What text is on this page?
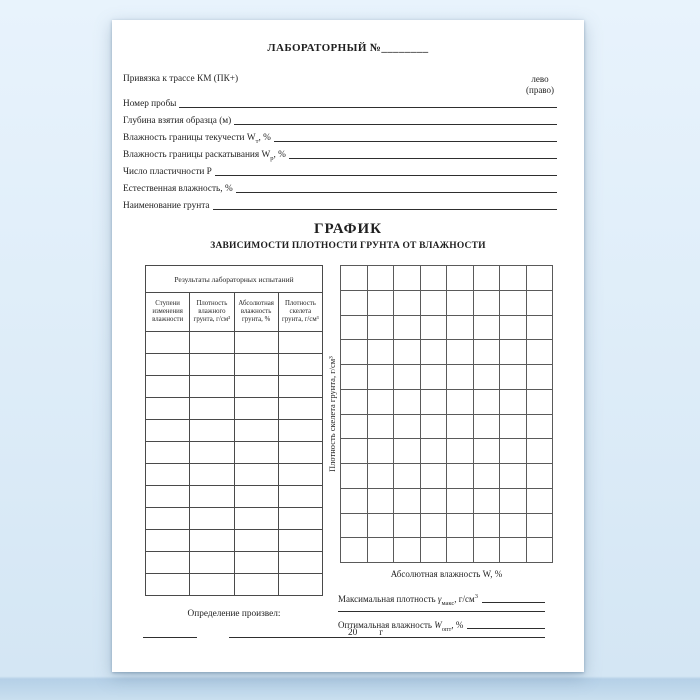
ЛАБОРАТОРНЫЙ №________
Привязка к трассе КМ (ПК+)	лево
(право)
Номер пробы
Глубина взятия образца (м)
Влажность границы текучести $W_т$, %
Влажность границы раскатывания $W_р$, %
Число пластичности Р
Естественная влажность, %
Наименование грунта
ГРАФИК
ЗАВИСИМОСТИ ПЛОТНОСТИ ГРУНТА ОТ ВЛАЖНОСТИ
Результаты лабораторных испытаний			
Ступени изменения влажности	Плотность влажного грунта, г/см³	Абсолютная влажность грунта, %	Плотность скелета грунта, г/см³

Плотность скелета грунта, г/см³
Абсолютная влажность W, %
Максимальная плотность $\gamma_{макс}$, $г/см^3$
Оптимальная влажность $W_{опт}$, %
Определение произвел:
20 г
